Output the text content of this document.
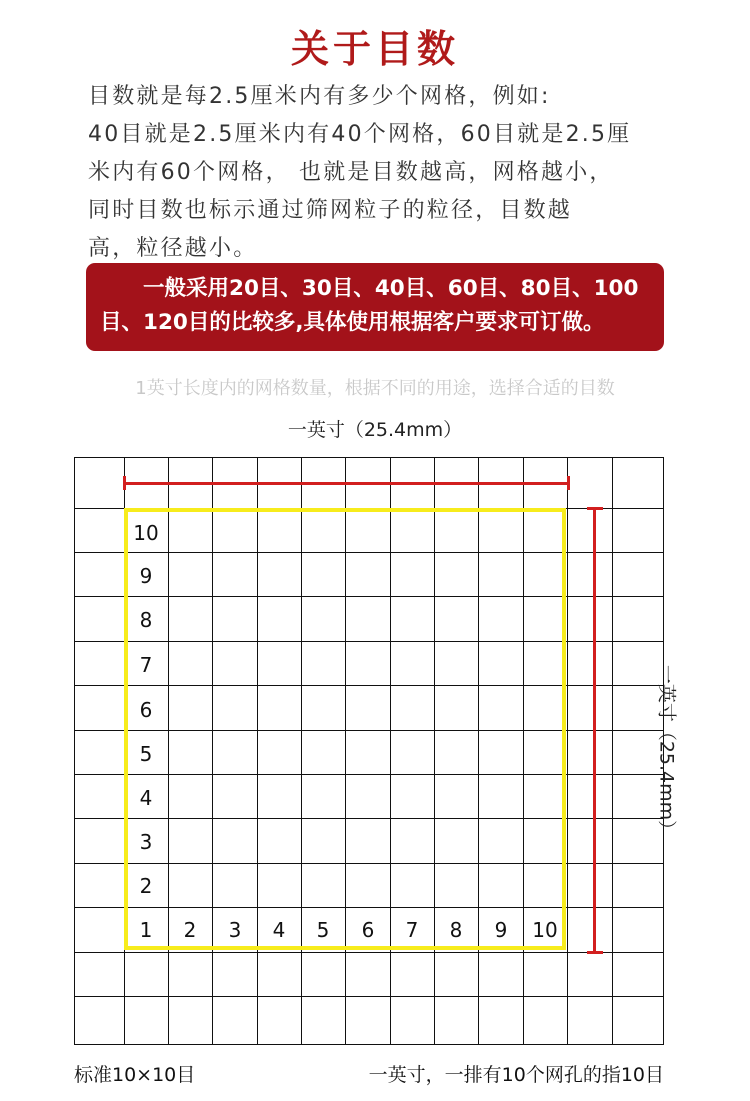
关于目数
目数就是每2.5厘米内有多少个网格，例如:
40目就是2.5厘米内有40个网格，60目就是2.5厘
米内有60个网格， 也就是目数越高，网格越小，
同时目数也标示通过筛网粒子的粒径，目数越
高，粒径越小。
一般采用20目、30目、40目、60目、80目、100
目、120目的比较多,具体使用根据客户要求可订做。
1英寸长度内的网格数量，根据不同的用途，选择合适的目数
一英寸（25.4mm）
一英寸（25.4mm）
10
9
8
7
6
5
4
3
2
1	2	3	4	5	6	7	8	9	10
标准10×10目	一英寸，一排有10个网孔的指10目
